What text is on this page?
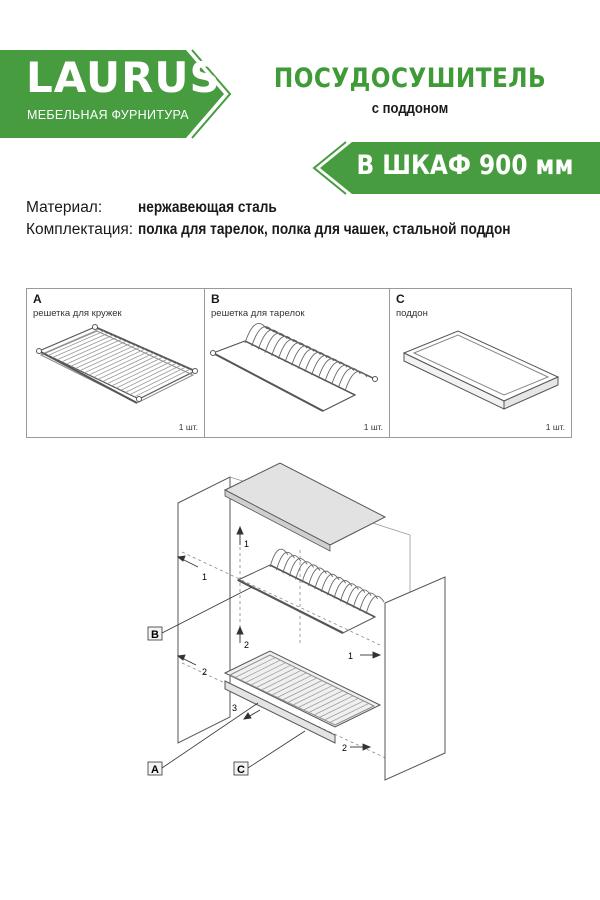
LAURUS
МЕБЕЛЬНАЯ ФУРНИТУРА
ПОСУДОСУШИТЕЛЬ
с поддоном
В ШКАФ 900 мм
Материал: нержавеющая сталь
Комплектация: полка для тарелок, полка для чашек, стальной поддон
A
решетка для кружек
1 шт.
B
решетка для тарелок
1 шт.
C
поддон
1 шт.
1
1
1
2
2
2
3
B
A	C
